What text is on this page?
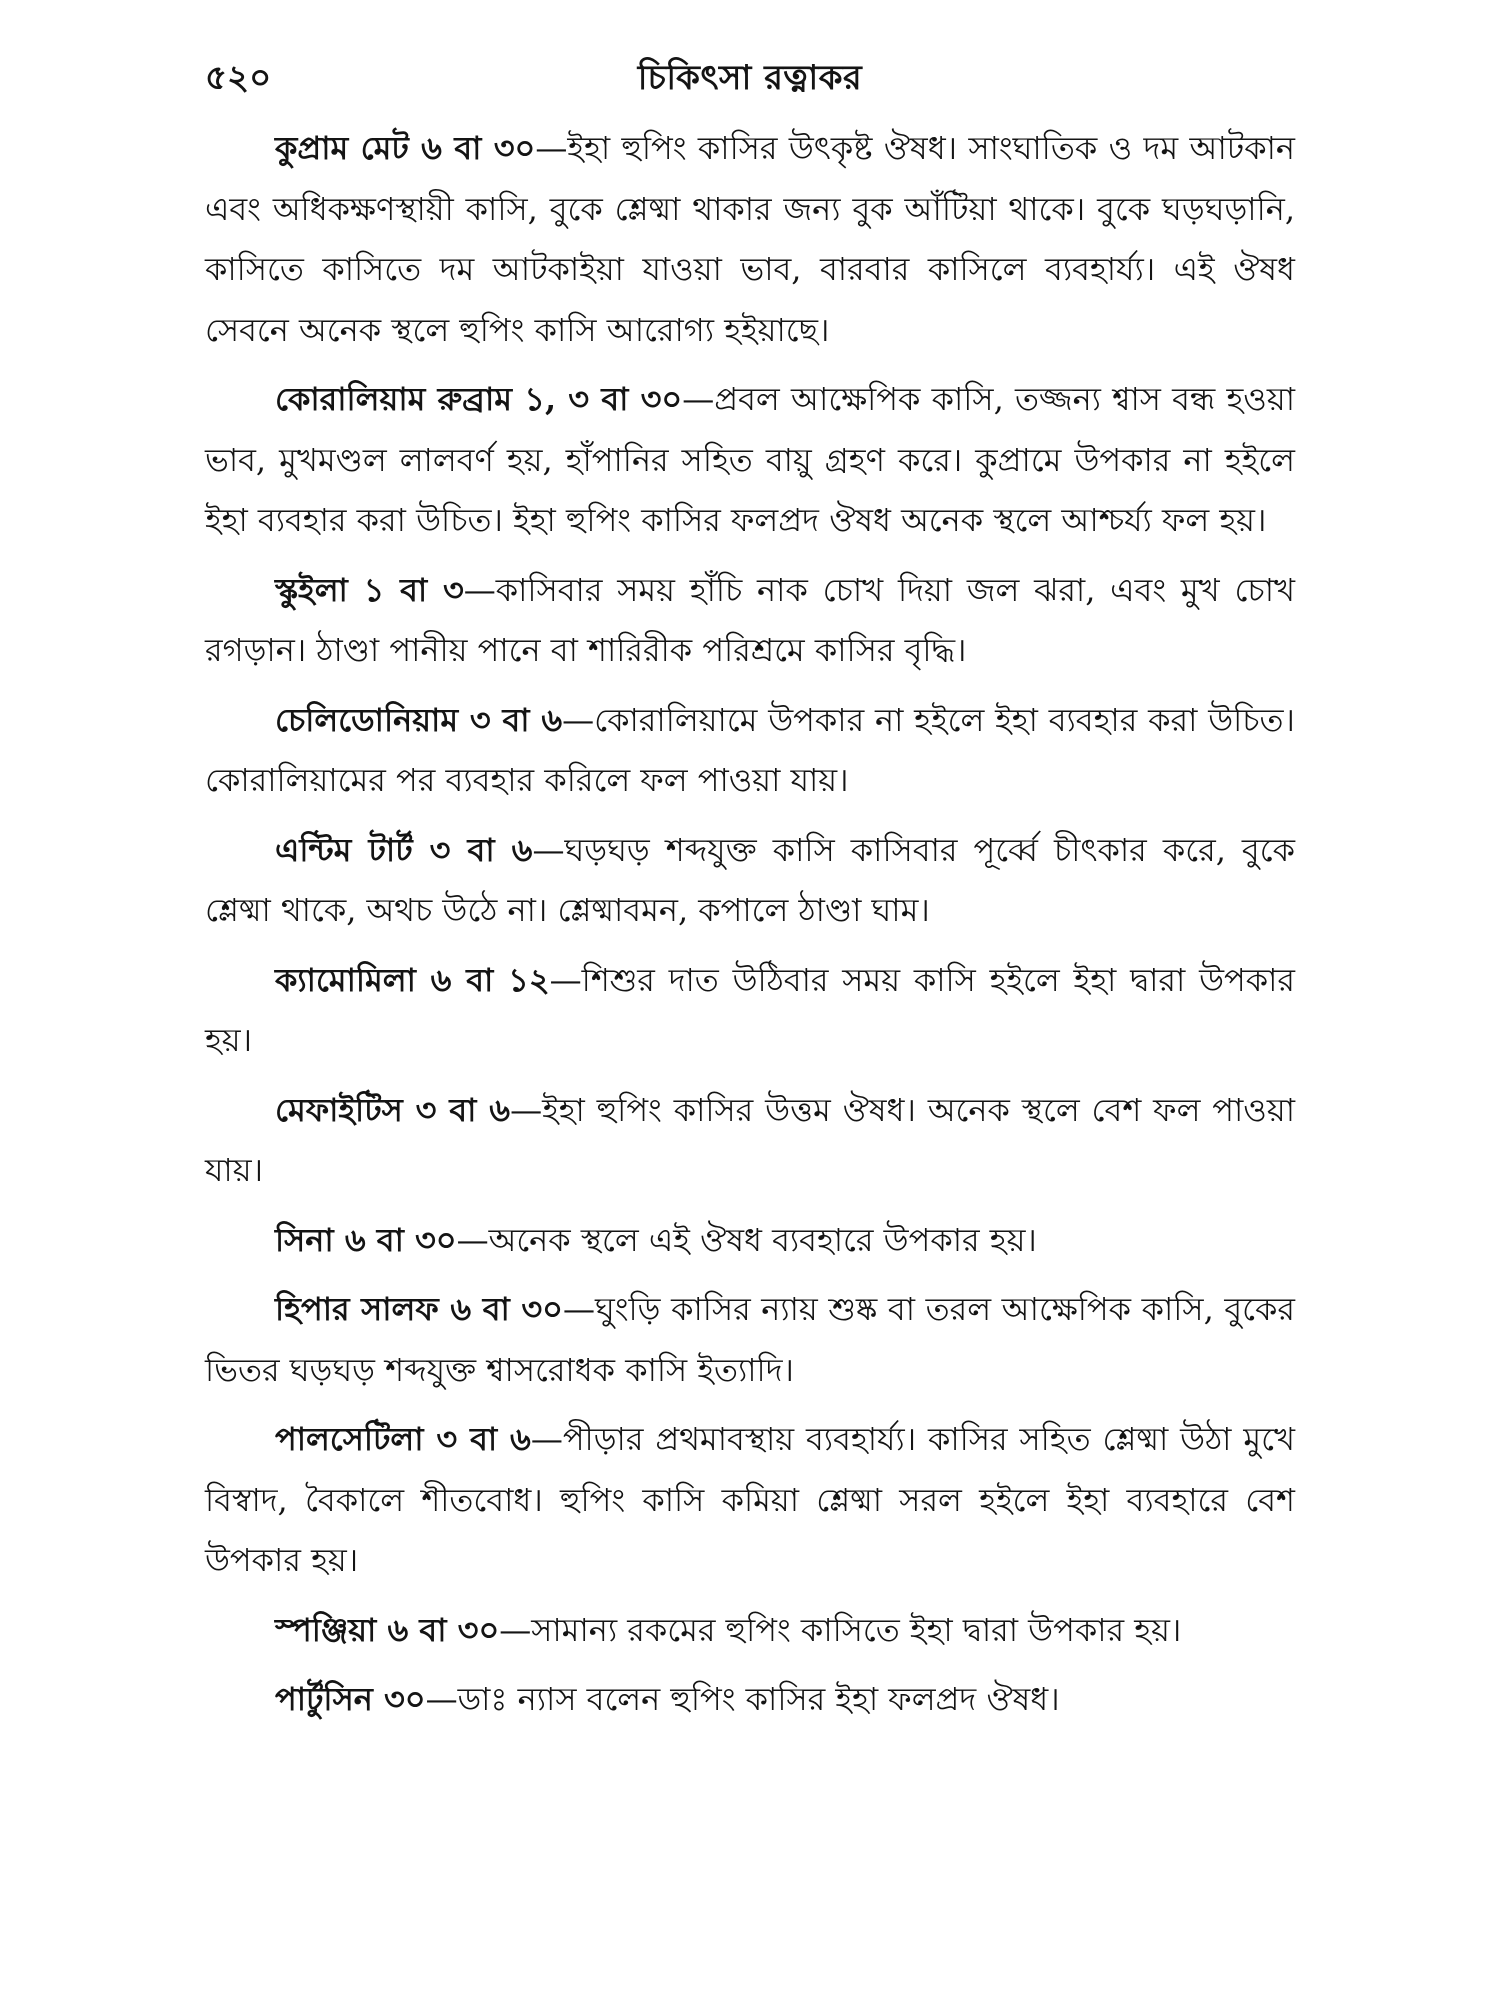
৫২০	চিকিৎসা রত্নাকর

কুপ্রাম মেট ৬ বা ৩০—ইহা হুপিং কাসির উৎকৃষ্ট ঔষধ। সাংঘাতিক ও দম আটকান এবং অধিকক্ষণস্থায়ী কাসি, বুকে শ্লেষ্মা থাকার জন্য বুক আঁটিয়া থাকে। বুকে ঘড়ঘড়ানি, কাসিতে কাসিতে দম আটকাইয়া যাওয়া ভাব, বারবার কাসিলে ব্যবহার্য্য। এই ঔষধ সেবনে অনেক স্থলে হুপিং কাসি আরোগ্য হইয়াছে।

কোরালিয়াম রুব্রাম ১, ৩ বা ৩০—প্রবল আক্ষেপিক কাসি, তজ্জন্য শ্বাস বন্ধ হওয়া ভাব, মুখমণ্ডল লালবর্ণ হয়, হাঁপানির সহিত বায়ু গ্রহণ করে। কুপ্রামে উপকার না হইলে ইহা ব্যবহার করা উচিত। ইহা হুপিং কাসির ফলপ্রদ ঔষধ অনেক স্থলে আশ্চর্য্য ফল হয়।

স্কুইলা ১ বা ৩—কাসিবার সময় হাঁচি নাক চোখ দিয়া জল ঝরা, এবং মুখ চোখ রগড়ান। ঠাণ্ডা পানীয় পানে বা শারিরীক পরিশ্রমে কাসির বৃদ্ধি।

চেলিডোনিয়াম ৩ বা ৬—কোরালিয়ামে উপকার না হইলে ইহা ব্যবহার করা উচিত। কোরালিয়ামের পর ব্যবহার করিলে ফল পাওয়া যায়।

এন্টিম টার্ট ৩ বা ৬—ঘড়ঘড় শব্দযুক্ত কাসি কাসিবার পূর্ব্বে চীৎকার করে, বুকে শ্লেষ্মা থাকে, অথচ উঠে না। শ্লেষ্মাবমন, কপালে ঠাণ্ডা ঘাম।

ক্যামোমিলা ৬ বা ১২—শিশুর দাত উঠিবার সময় কাসি হইলে ইহা দ্বারা উপকার হয়।

মেফাইটিস ৩ বা ৬—ইহা হুপিং কাসির উত্তম ঔষধ। অনেক স্থলে বেশ ফল পাওয়া যায়।

সিনা ৬ বা ৩০—অনেক স্থলে এই ঔষধ ব্যবহারে উপকার হয়।

হিপার সালফ ৬ বা ৩০—ঘুংড়ি কাসির ন্যায় শুষ্ক বা তরল আক্ষেপিক কাসি, বুকের ভিতর ঘড়ঘড় শব্দযুক্ত শ্বাসরোধক কাসি ইত্যাদি।

পালসেটিলা ৩ বা ৬—পীড়ার প্রথমাবস্থায় ব্যবহার্য্য। কাসির সহিত শ্লেষ্মা উঠা মুখে বিস্বাদ, বৈকালে শীতবোধ। হুপিং কাসি কমিয়া শ্লেষ্মা সরল হইলে ইহা ব্যবহারে বেশ উপকার হয়।

স্পঞ্জিয়া ৬ বা ৩০—সামান্য রকমের হুপিং কাসিতে ইহা দ্বারা উপকার হয়।

পার্টুসিন ৩০—ডাঃ ন্যাস বলেন হুপিং কাসির ইহা ফলপ্রদ ঔষধ।
